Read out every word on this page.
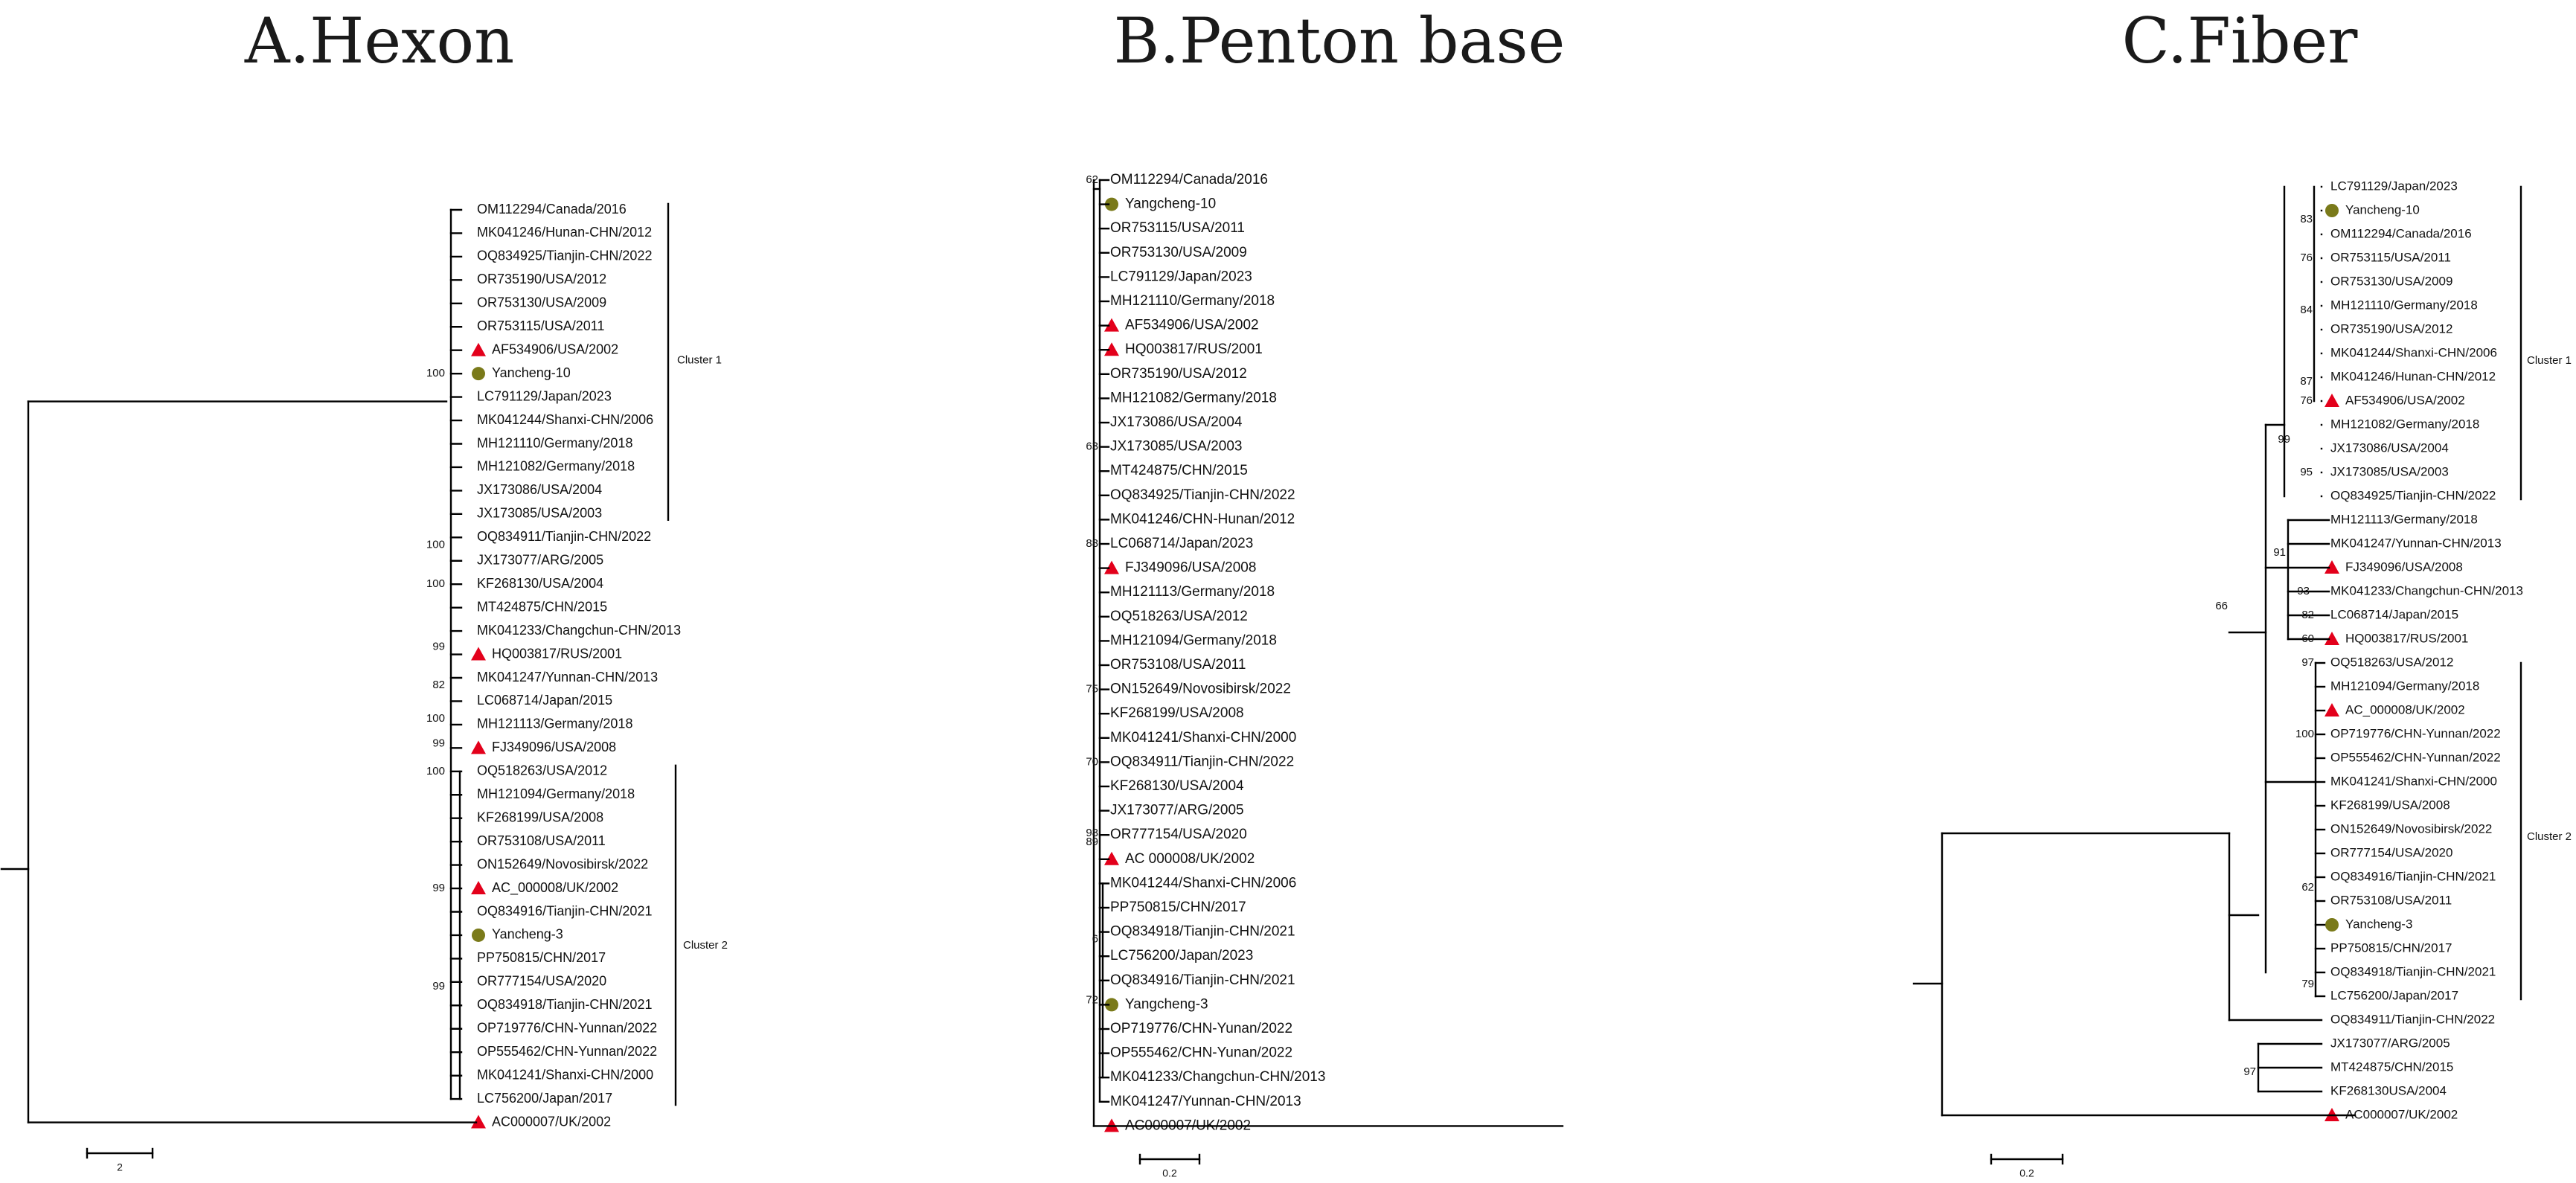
A.Hexon	B.Penton base	C.Fiber
OM112294/Canada/2016
MK041246/Hunan-CHN/2012
OQ834925/Tianjin-CHN/2022
OR735190/USA/2012
OR753130/USA/2009
OR753115/USA/2011
AF534906/USA/2002
Yancheng-10
LC791129/Japan/2023
MK041244/Shanxi-CHN/2006
MH121110/Germany/2018
MH121082/Germany/2018
JX173086/USA/2004
JX173085/USA/2003
OQ834911/Tianjin-CHN/2022
JX173077/ARG/2005
KF268130/USA/2004
MT424875/CHN/2015
MK041233/Changchun-CHN/2013
HQ003817/RUS/2001
MK041247/Yunnan-CHN/2013
LC068714/Japan/2015
MH121113/Germany/2018
FJ349096/USA/2008
OQ518263/USA/2012
MH121094/Germany/2018
KF268199/USA/2008
OR753108/USA/2011
ON152649/Novosibirsk/2022
AC_000008/UK/2002
OQ834916/Tianjin-CHN/2021
Yancheng-3
PP750815/CHN/2017
OR777154/USA/2020
OQ834918/Tianjin-CHN/2021
OP719776/CHN-Yunnan/2022
OP555462/CHN-Yunnan/2022
MK041241/Shanxi-CHN/2000
LC756200/Japan/2017
AC000007/UK/2002
100
100
100
99
82
100
99
100
99
99
Cluster 1
Cluster 2
2
OM112294/Canada/2016
Yangcheng-10
OR753115/USA/2011
OR753130/USA/2009
LC791129/Japan/2023
MH121110/Germany/2018
AF534906/USA/2002
HQ003817/RUS/2001
OR735190/USA/2012
MH121082/Germany/2018
JX173086/USA/2004
JX173085/USA/2003
MT424875/CHN/2015
OQ834925/Tianjin-CHN/2022
MK041246/CHN-Hunan/2012
LC068714/Japan/2023
FJ349096/USA/2008
MH121113/Germany/2018
OQ518263/USA/2012
MH121094/Germany/2018
OR753108/USA/2011
ON152649/Novosibirsk/2022
KF268199/USA/2008
MK041241/Shanxi-CHN/2000
OQ834911/Tianjin-CHN/2022
KF268130/USA/2004
JX173077/ARG/2005
OR777154/USA/2020
AC 000008/UK/2002
MK041244/Shanxi-CHN/2006
PP750815/CHN/2017
OQ834918/Tianjin-CHN/2021
LC756200/Japan/2023
OQ834916/Tianjin-CHN/2021
Yangcheng-3
OP719776/CHN-Yunan/2022
OP555462/CHN-Yunan/2022
MK041233/Changchun-CHN/2013
MK041247/Yunnan-CHN/2013
AC000007/UK/2002
62
63
88
75
70
98
89
6
72
0.2
LC791129/Japan/2023
Yancheng-10
OM112294/Canada/2016
OR753115/USA/2011
OR753130/USA/2009
MH121110/Germany/2018
OR735190/USA/2012
MK041244/Shanxi-CHN/2006
MK041246/Hunan-CHN/2012
AF534906/USA/2002
MH121082/Germany/2018
JX173086/USA/2004
JX173085/USA/2003
OQ834925/Tianjin-CHN/2022
MH121113/Germany/2018
MK041247/Yunnan-CHN/2013
FJ349096/USA/2008
MK041233/Changchun-CHN/2013
LC068714/Japan/2015
HQ003817/RUS/2001
OQ518263/USA/2012
MH121094/Germany/2018
AC_000008/UK/2002
OP719776/CHN-Yunnan/2022
OP555462/CHN-Yunnan/2022
MK041241/Shanxi-CHN/2000
KF268199/USA/2008
ON152649/Novosibirsk/2022
OR777154/USA/2020
OQ834916/Tianjin-CHN/2021
OR753108/USA/2011
Yancheng-3
PP750815/CHN/2017
OQ834918/Tianjin-CHN/2021
LC756200/Japan/2017
OQ834911/Tianjin-CHN/2022
JX173077/ARG/2005
MT424875/CHN/2015
KF268130USA/2004
AC000007/UK/2002
83
76
84
87
76
99
95
91
93
82
60
66
97
100
62
79
97
Cluster 1
Cluster 2
0.2
